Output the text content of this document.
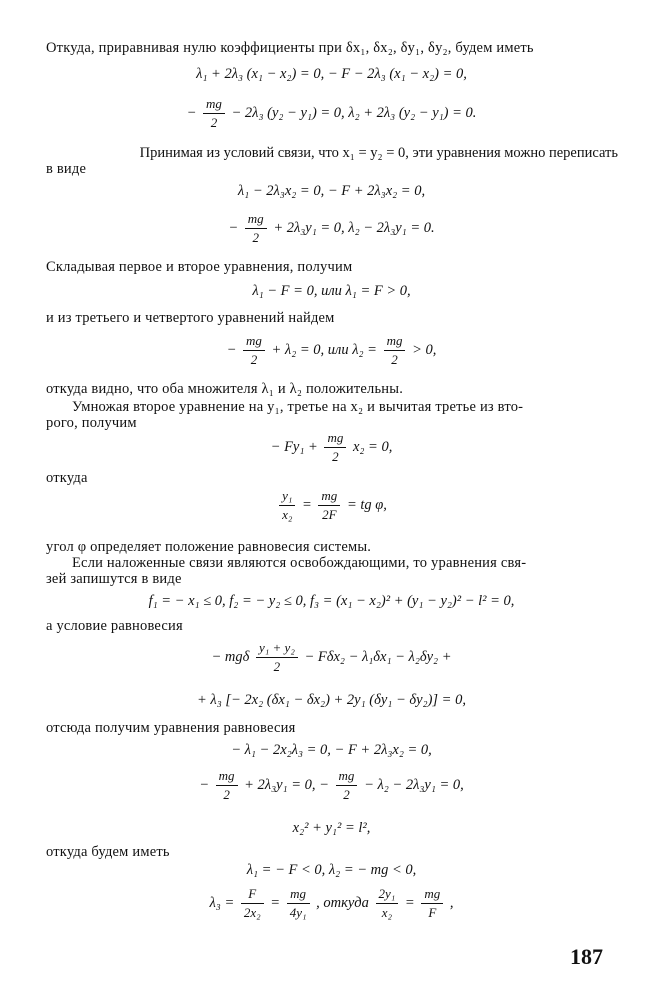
Откуда, приравнивая нулю коэффициенты при δx₁, δx₂, δy₁, δy₂, будем иметь
λ₁ + 2λ₃ (x₁ − x₂) = 0, − F − 2λ₃ (x₁ − x₂) = 0,
− $\frac{mg}{2} - 2\lambda_3$ (y₂ − y₁) = 0, λ₂ + 2λ₃ (y₂ − y₁) = 0.
Принимая из условий связи, что x₁ = y₂ = 0, эти уравнения можно переписать
в виде
λ₁ − 2λ₃x₂ = 0, − F + 2λ₃x₂ = 0,
− $\frac{mg}{2} + 2\lambda_3y_1 = 0$, λ₂ − 2λ₃y₁ = 0.
Складывая первое и второе уравнения, получим
λ₁ − F = 0, или λ₁ = F > 0,
и из третьего и четвертого уравнений найдем
− $\frac{mg}{2} + \lambda_2 = 0$, или $\lambda_2 = \frac{mg}{2} > 0$,
откуда видно, что оба множителя λ₁ и λ₂ положительны.
Умножая второе уравнение на y₁, третье на x₂ и вычитая третье из вто-
рого, получим
− $Fy_1 + \frac{mg}{2} x_2 = 0$,
откуда
$\frac{\text{y₁}}{\text{x₂}} = \frac{mg}{2F}$ = tg φ,
угол φ определяет положение равновесия системы.
Если наложенные связи являются освобождающими, то уравнения свя-
зей запишутся в виде
f₁ = − x₁ ≤ 0, f₂ = − y₂ ≤ 0, f₃ = (x₁ − x₂)² + (y₁ − y₂)² − l² = 0,
а условие равновесия
− mgδ $\frac{\text{y₁ + y₂}}{2} - F\delta x_2 - \lambda_1\delta x_1 - \lambda_2\delta y_2$ +
+ λ₃ [− 2x₂ (δx₁ − δx₂) + 2y₁ (δy₁ − δy₂)] = 0,
отсюда получим уравнения равновесия
− λ₁ − 2x₂λ₃ = 0, − F + 2λ₃x₂ = 0,
− $\frac{mg}{2} + 2\lambda_3y_1 = 0$, − $\frac{mg}{2} - \lambda_2 - 2\lambda_3y_1 = 0$,
x₂² + y₁² = l²,
откуда будем иметь
λ₁ = − F < 0, λ₂ = − mg < 0,
$\lambda_3 = \frac{F}{\text{2x₂}} = \frac{mg}{\text{4y₁}}$ , откуда $\frac{\text{2y₁}}{\text{x₂}} = \frac{mg}{F}$ ,
187
